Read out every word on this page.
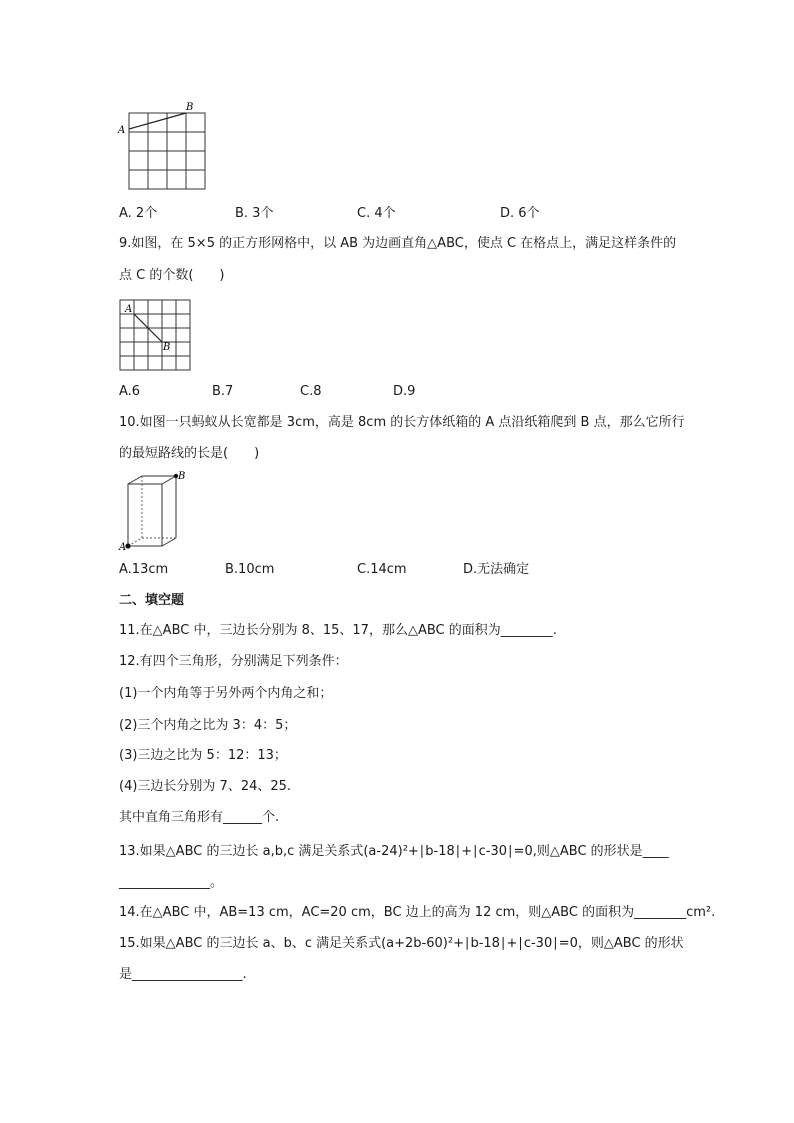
A
B
A. 2个	B. 3个	C. 4个	D. 6个
9.如图，在 5×5 的正方形网格中，以 AB 为边画直角△ABC，使点 C 在格点上，满足这样条件的
点 C 的个数(　　)
A
B
A.6	B.7	C.8	D.9
10.如图一只蚂蚁从长宽都是 3cm，高是 8cm 的长方体纸箱的 A 点沿纸箱爬到 B 点，那么它所行
的最短路线的长是(　　)
A
B
A.13cm	B.10cm	C.14cm	D.无法确定
二、填空题
11.在△ABC 中，三边长分别为 8、15、17，那么△ABC 的面积为________.
12.有四个三角形，分别满足下列条件：
(1)一个内角等于另外两个内角之和；
(2)三个内角之比为 3：4：5；
(3)三边之比为 5：12：13；
(4)三边长分别为 7、24、25.
其中直角三角形有______个.
13.如果△ABC 的三边长 a,b,c 满足关系式(a-24)²+∣b-18∣+∣c-30∣=0,则△ABC 的形状是____
______________。
14.在△ABC 中，AB=13 cm，AC=20 cm，BC 边上的高为 12 cm，则△ABC 的面积为________cm².
15.如果△ABC 的三边长 a、b、c 满足关系式(a+2b-60)²+∣b-18∣+∣c-30∣=0，则△ABC 的形状
是_________________.
